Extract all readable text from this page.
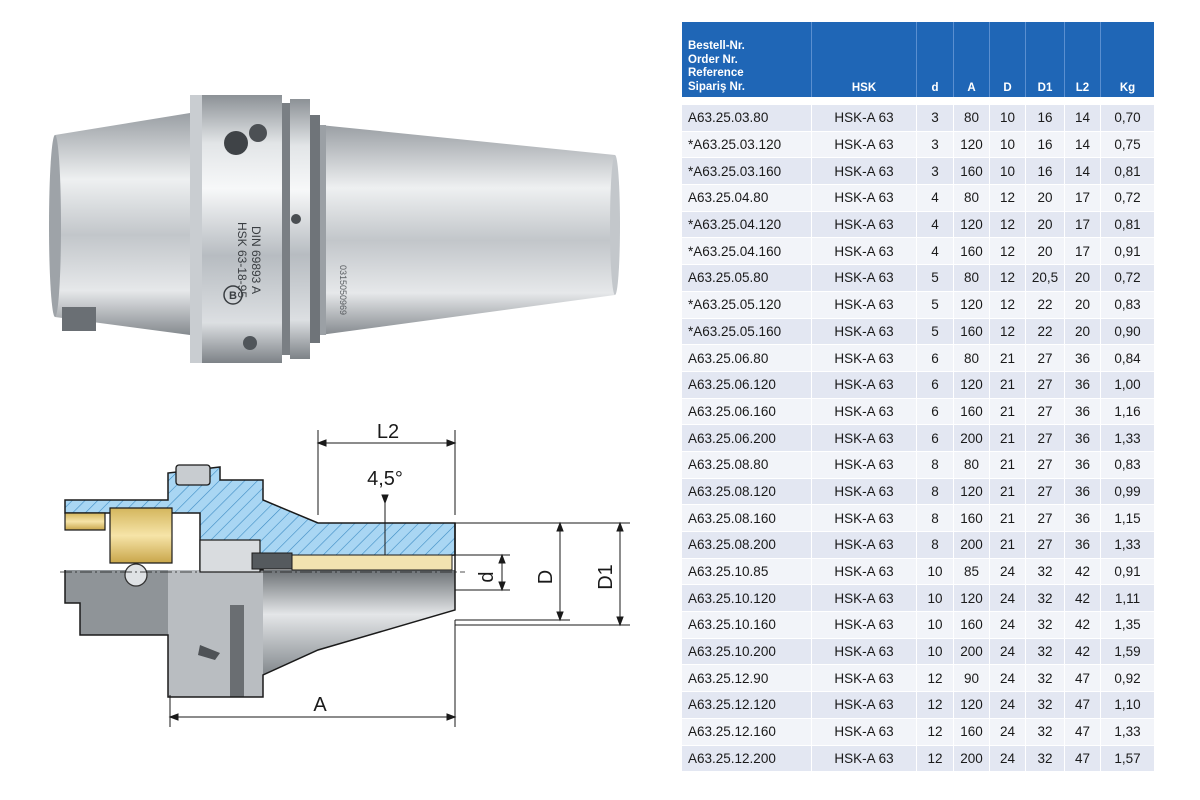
HSK 63-18-95 DIN 69893 A
B	0315050969
L2
4,5°
d D D1
A
Bestell-Nr.
Order Nr.
Reference
Sipariş Nr.	HSK	d	A	D	D1	L2	Kg
A63.25.03.80	HSK-A 63	3	80	10	16	14	0,70
*A63.25.03.120	HSK-A 63	3	120	10	16	14	0,75
*A63.25.03.160	HSK-A 63	3	160	10	16	14	0,81
A63.25.04.80	HSK-A 63	4	80	12	20	17	0,72
*A63.25.04.120	HSK-A 63	4	120	12	20	17	0,81
*A63.25.04.160	HSK-A 63	4	160	12	20	17	0,91
A63.25.05.80	HSK-A 63	5	80	12	20,5	20	0,72
*A63.25.05.120	HSK-A 63	5	120	12	22	20	0,83
*A63.25.05.160	HSK-A 63	5	160	12	22	20	0,90
A63.25.06.80	HSK-A 63	6	80	21	27	36	0,84
A63.25.06.120	HSK-A 63	6	120	21	27	36	1,00
A63.25.06.160	HSK-A 63	6	160	21	27	36	1,16
A63.25.06.200	HSK-A 63	6	200	21	27	36	1,33
A63.25.08.80	HSK-A 63	8	80	21	27	36	0,83
A63.25.08.120	HSK-A 63	8	120	21	27	36	0,99
A63.25.08.160	HSK-A 63	8	160	21	27	36	1,15
A63.25.08.200	HSK-A 63	8	200	21	27	36	1,33
A63.25.10.85	HSK-A 63	10	85	24	32	42	0,91
A63.25.10.120	HSK-A 63	10	120	24	32	42	1,11
A63.25.10.160	HSK-A 63	10	160	24	32	42	1,35
A63.25.10.200	HSK-A 63	10	200	24	32	42	1,59
A63.25.12.90	HSK-A 63	12	90	24	32	47	0,92
A63.25.12.120	HSK-A 63	12	120	24	32	47	1,10
A63.25.12.160	HSK-A 63	12	160	24	32	47	1,33
A63.25.12.200	HSK-A 63	12	200	24	32	47	1,57
